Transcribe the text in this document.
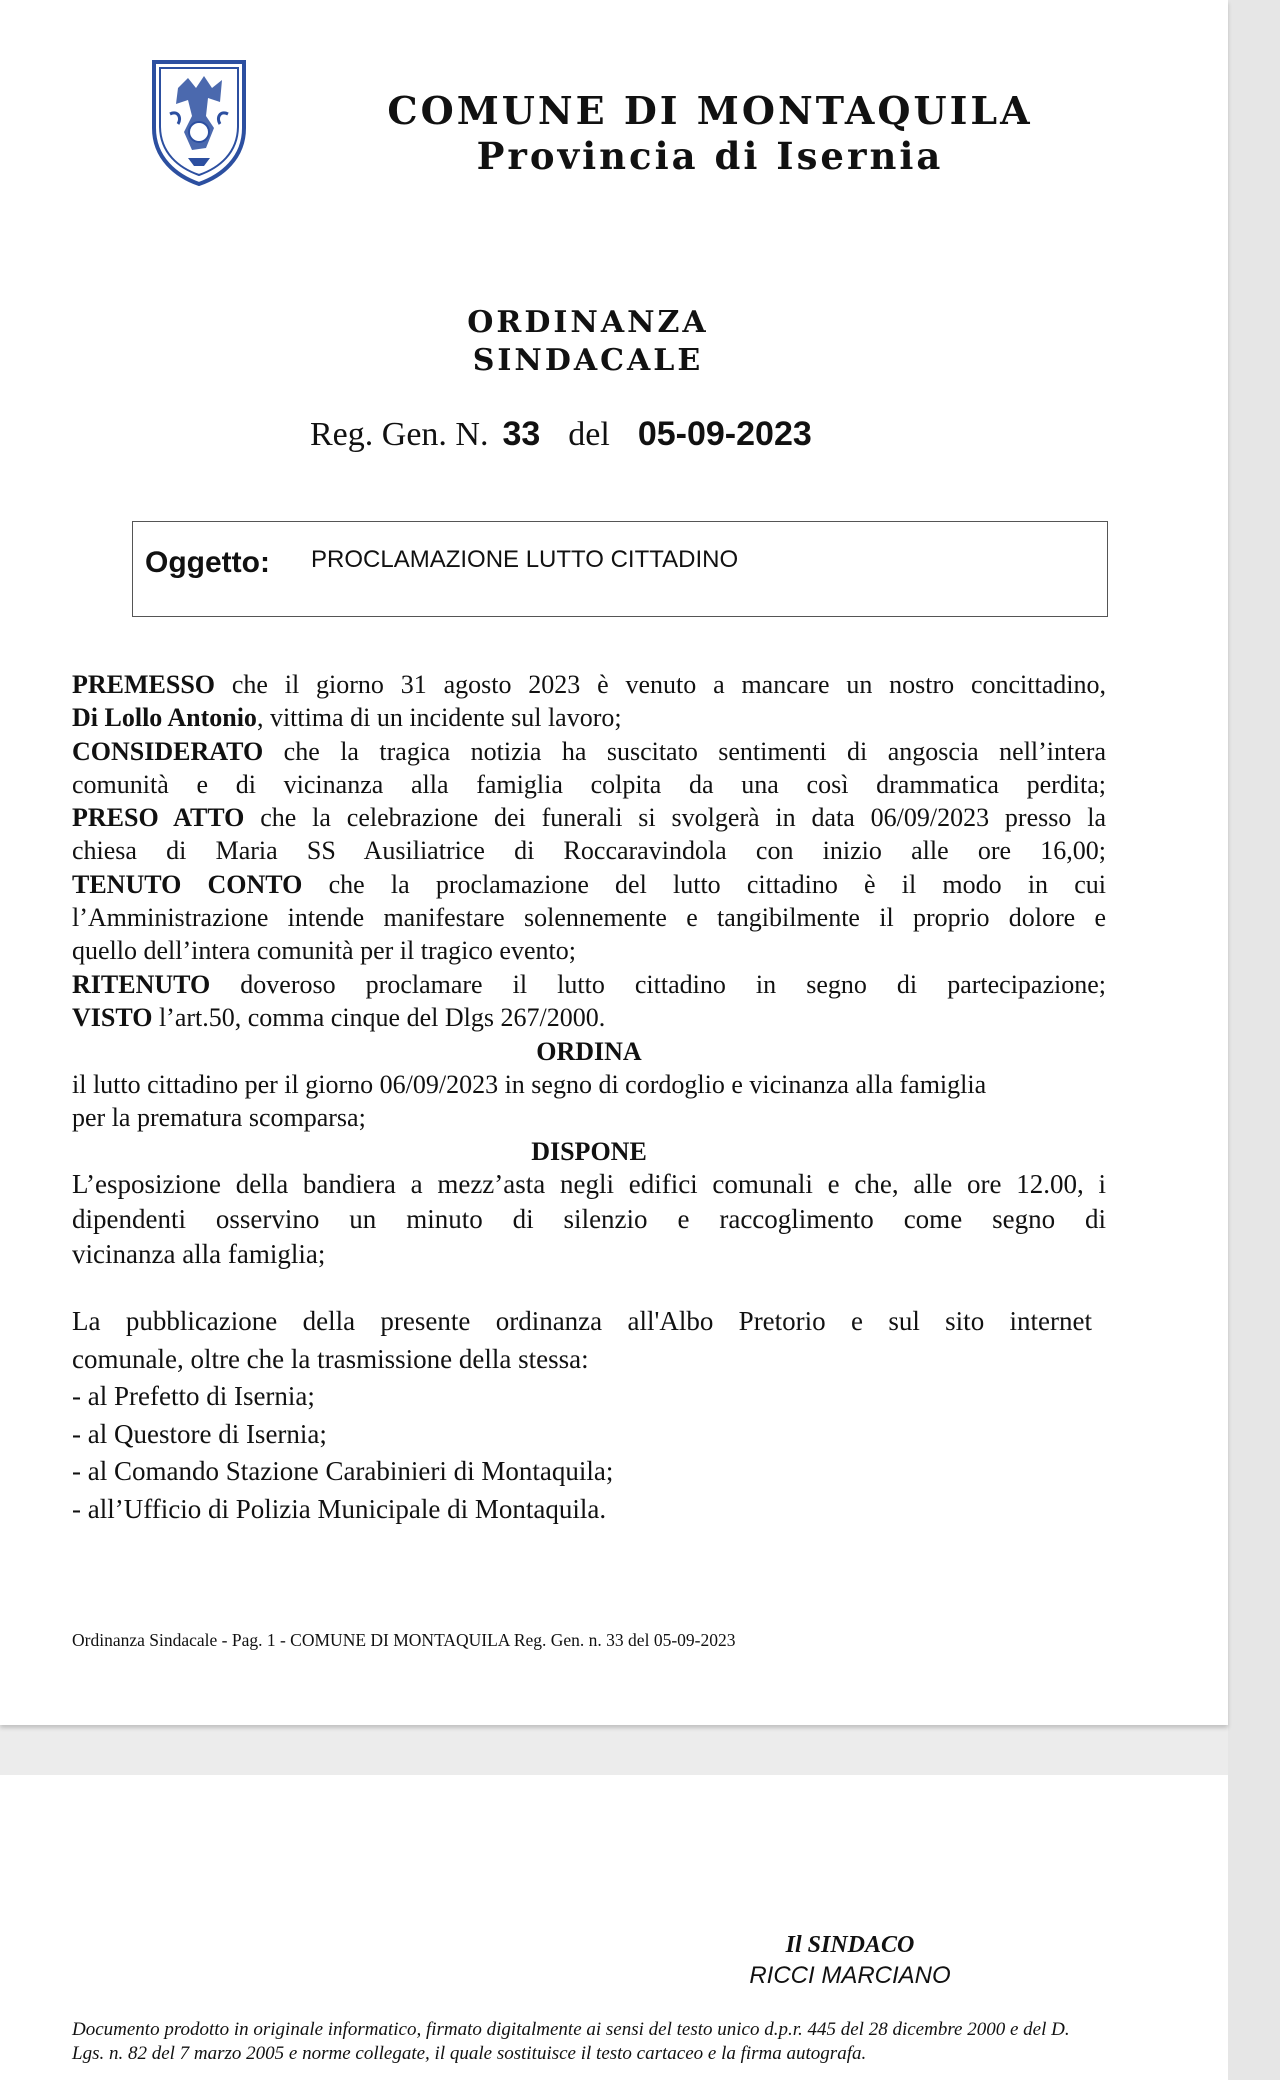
COMUNE DI MONTAQUILA
Provincia di Isernia
ORDINANZA
SINDACALE
Reg. Gen. N. 33 del 05-09-2023
Oggetto: PROCLAMAZIONE LUTTO CITTADINO
PREMESSO che il giorno 31 agosto 2023 è venuto a mancare un nostro concittadino,
Di Lollo Antonio, vittima di un incidente sul lavoro;
CONSIDERATO che la tragica notizia ha suscitato sentimenti di angoscia nell’intera
comunità e di vicinanza alla famiglia colpita da una così drammatica perdita;
PRESO ATTO che la celebrazione dei funerali si svolgerà in data 06/09/2023 presso la
chiesa di Maria SS Ausiliatrice di Roccaravindola con inizio alle ore 16,00;
TENUTO CONTO che la proclamazione del lutto cittadino è il modo in cui
l’Amministrazione intende manifestare solennemente e tangibilmente il proprio dolore e
quello dell’intera comunità per il tragico evento;
RITENUTO doveroso proclamare il lutto cittadino in segno di partecipazione;
VISTO l’art.50, comma cinque del Dlgs 267/2000.
ORDINA
il lutto cittadino per il giorno 06/09/2023 in segno di cordoglio e vicinanza alla famiglia
per la prematura scomparsa;
DISPONE
L’esposizione della bandiera a mezz’asta negli edifici comunali e che, alle ore 12.00, i
dipendenti osservino un minuto di silenzio e raccoglimento come segno di
vicinanza alla famiglia;
La pubblicazione della presente ordinanza all'Albo Pretorio e sul sito internet
comunale, oltre che la trasmissione della stessa:
- al Prefetto di Isernia;
- al Questore di Isernia;
- al Comando Stazione Carabinieri di Montaquila;
- all’Ufficio di Polizia Municipale di Montaquila.
Ordinanza Sindacale - Pag. 1 - COMUNE DI MONTAQUILA Reg. Gen. n. 33 del 05-09-2023
Il SINDACO
RICCI MARCIANO
Documento prodotto in originale informatico, firmato digitalmente ai sensi del testo unico d.p.r. 445 del 28 dicembre 2000 e del D. Lgs. n. 82 del 7 marzo 2005 e norme collegate, il quale sostituisce il testo cartaceo e la firma autografa.
